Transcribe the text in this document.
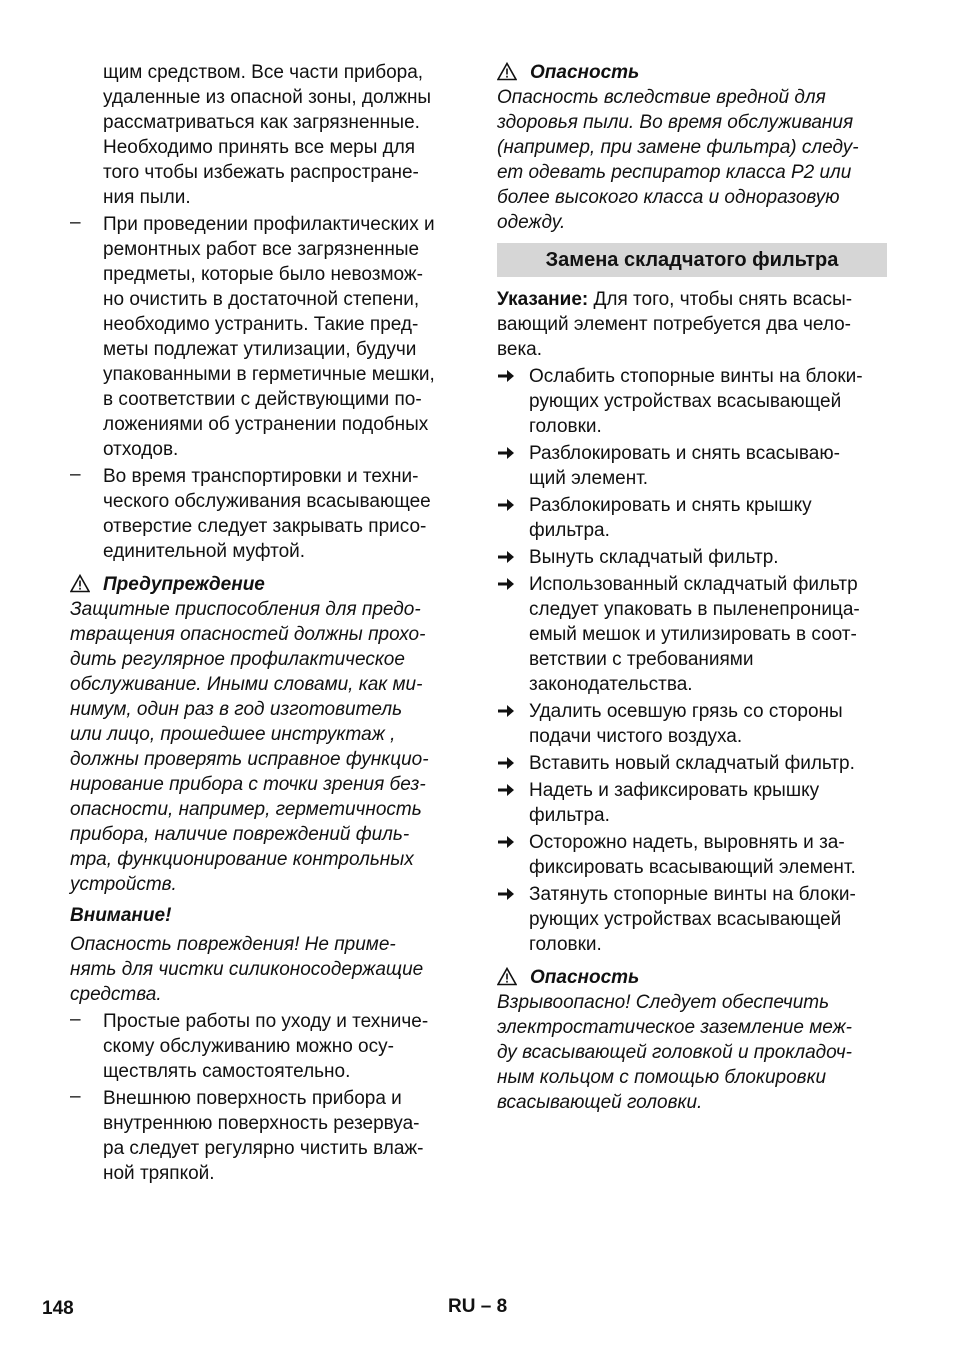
щим средством. Все части прибора,

удаленные из опасной зоны, должны

рассматриваться как загрязненные.

Необходимо принять все меры для

того чтобы избежать распростране-

ния пыли.

– При проведении профилактических и

ремонтных работ все загрязненные

предметы, которые было невозмож-

но очистить в достаточной степени,

необходимо устранить. Такие пред-

меты подлежат утилизации, будучи

упакованными в герметичные мешки,

в соответствии с действующими по-

ложениями об устранении подобных

отходов.

– Во время транспортировки и техни-

ческого обслуживания всасывающее

отверстие следует закрывать присо-

единительной муфтой.

Предупреждение

Защитные приспособления для предо-

твращения опасностей должны прохо-

дить регулярное профилактическое

обслуживание. Иными словами, как ми-

нимум, один раз в год изготовитель

или лицо, прошедшее инструктаж ,

должны проверять исправное функцио-

нирование прибора с точки зрения без-

опасности, например, герметичность

прибора, наличие повреждений филь-

тра, функционирование контрольных

устройств.

Внимание!

Опасность повреждения! Не приме-

нять для чистки силиконосодержащие

средства.

– Простые работы по уходу и техниче-

скому обслуживанию можно осу-

ществлять самостоятельно.

– Внешнюю поверхность прибора и

внутреннюю поверхность резервуа-

ра следует регулярно чистить влаж-

ной тряпкой.

Опасность

Опасность вследствие вредной для

здоровья пыли. Во время обслуживания

(например, при замене фильтра) следу-

ет одевать респиратор класса P2 или

более высокого класса и одноразовую

одежду.

Замена складчатого фильтра

Указание: Для того, чтобы снять всасы-

вающий элемент потребуется два чело-

века.

Ослабить стопорные винты на блоки-

рующих устройствах всасывающей

головки.

Разблокировать и снять всасываю-

щий элемент.

Разблокировать и снять крышку

фильтра.

Вынуть складчатый фильтр.

Использованный складчатый фильтр

следует упаковать в пыленепроница-

емый мешок и утилизировать в соот-

ветствии с требованиями

законодательства.

Удалить осевшую грязь со стороны

подачи чистого воздуха.

Вставить новый складчатый фильтр.

Надеть и зафиксировать крышку

фильтра.

Осторожно надеть, выровнять и за-

фиксировать всасывающий элемент.

Затянуть стопорные винты на блоки-

рующих устройствах всасывающей

головки.

Опасность

Взрывоопасно! Следует обеспечить

электростатическое заземление меж-

ду всасывающей головкой и прокладоч-

ным кольцом с помощью блокировки

всасывающей головки.

148	RU – 8
